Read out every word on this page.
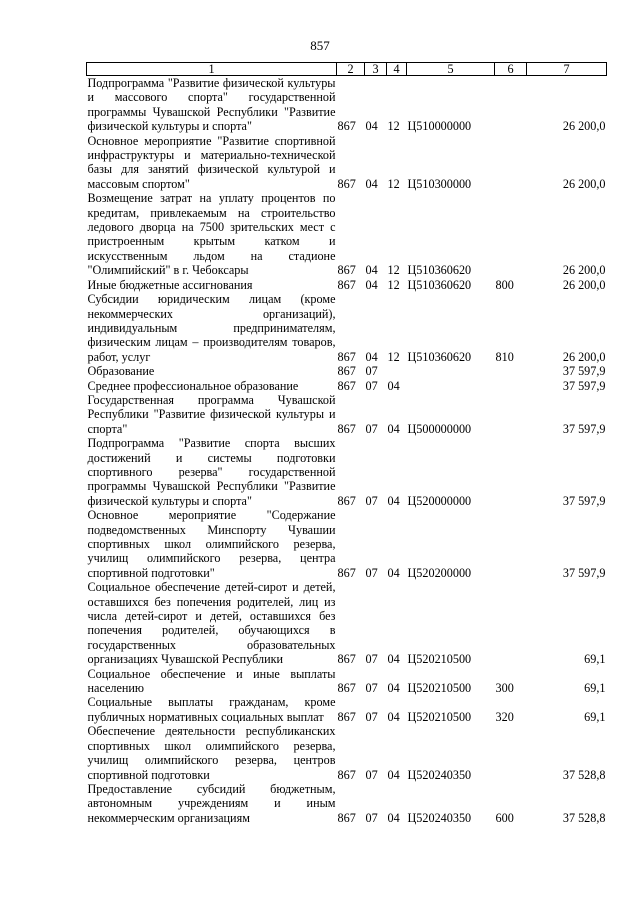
857
1	2	3	4	5	6	7
Подпрограмма "Развитие физической культуры и массового спорта" государственной программы Чувашской Республики "Развитие физической культуры и спорта"	867	04	12	Ц510000000		26 200,0
Основное мероприятие "Развитие спортивной инфраструктуры и материально-технической базы для занятий физической культурой и массовым спортом"	867	04	12	Ц510300000		26 200,0
Возмещение затрат на уплату процентов по кредитам, привлекаемым на строительство ледового дворца на 7500 зрительских мест с пристроенным крытым катком и искусственным льдом на стадионе "Олимпийский" в г. Чебоксары	867	04	12	Ц510360620		26 200,0
Иные бюджетные ассигнования	867	04	12	Ц510360620	800	26 200,0
Субсидии юридическим лицам (кроме некоммерческих организаций), индивидуальным предпринимателям, физическим лицам – производителям товаров, работ, услуг	867	04	12	Ц510360620	810	26 200,0
Образование	867	07				37 597,9
Среднее профессиональное образование	867	07	04			37 597,9
Государственная программа Чувашской Республики "Развитие физической культуры и спорта"	867	07	04	Ц500000000		37 597,9
Подпрограмма "Развитие спорта высших достижений и системы подготовки спортивного резерва" государственной программы Чувашской Республики "Развитие физической культуры и спорта"	867	07	04	Ц520000000		37 597,9
Основное мероприятие "Содержание подведомственных Минспорту Чувашии спортивных школ олимпийского резерва, училищ олимпийского резерва, центра спортивной подготовки"	867	07	04	Ц520200000		37 597,9
Социальное обеспечение детей-сирот и детей, оставшихся без попечения родителей, лиц из числа детей-сирот и детей, оставшихся без попечения родителей, обучающихся в государственных образовательных организациях Чувашской Республики	867	07	04	Ц520210500		69,1
Социальное обеспечение и иные выплаты населению	867	07	04	Ц520210500	300	69,1
Социальные выплаты гражданам, кроме публичных нормативных социальных выплат	867	07	04	Ц520210500	320	69,1
Обеспечение деятельности республиканских спортивных школ олимпийского резерва, училищ олимпийского резерва, центров спортивной подготовки	867	07	04	Ц520240350		37 528,8
Предоставление субсидий бюджетным, автономным учреждениям и иным некоммерческим организациям	867	07	04	Ц520240350	600	37 528,8
